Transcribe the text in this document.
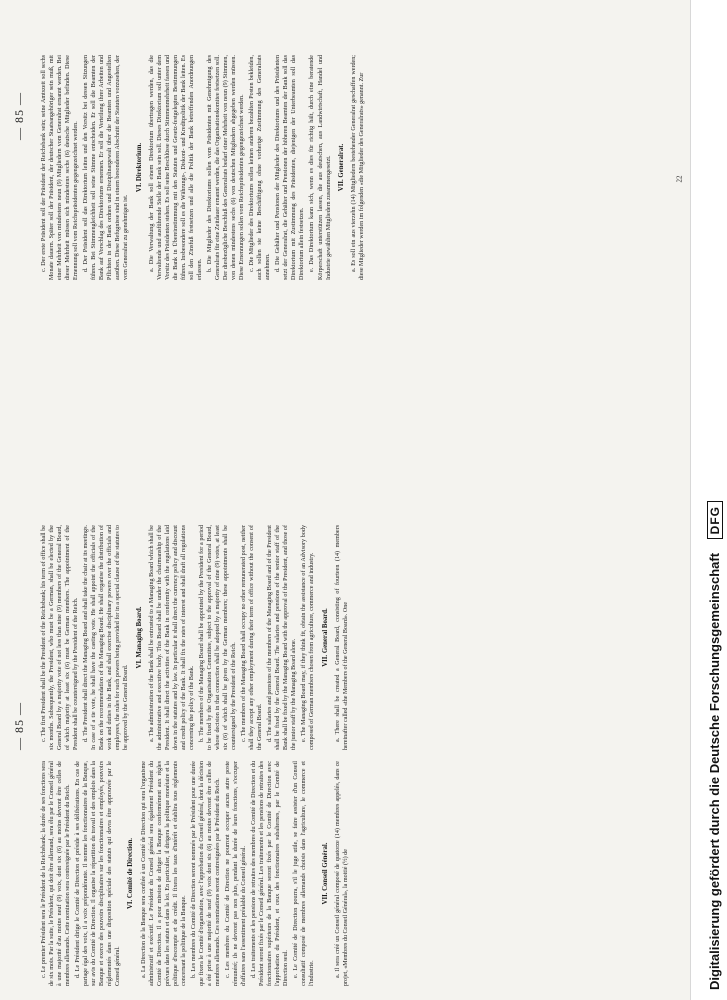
— 85 —
— 85 —

c. Le premier Président sera le Président de la Reichsbank; la durée de ses fonctions sera de six mois. Par la suite, le Président, qui doit être allemand, sera élu par le Conseil général à une majorité d'au moins neuf (9) voix, dont six (6) au moins devront être celles de membres allemands. Cette nomination sera contresignée par le Président du Reich. d. Le Président dirige le Comité de Direction et préside à ses délibérations. En cas de partage égal des voix, il a voix prépondérante. Il nomme les fonctionnaires de la Banque, sur avis du Comité de Direction. Il organise la répartition du travail et des emplois dans la Banque et exerce des pouvoirs disciplinaires sur les fonctionnaires et employés, pouvoirs réglementés dans une disposition spéciale des statuts qui devra être approuvée par le Conseil général.

VI. Comité de Direction. a. La Direction de la Banque sera confiée à un Comité de Direction qui sera l'organisme administratif et exécutif. Le Président du Conseil général sera également Président du Comité de Direction. Il a pour mission de diriger la Banque conformément aux règles prévues dans les statuts et dans la loi. En particulier, il dirigera la politique monétaire et la politique d'escompte et de crédit. Il fixera les taux d'intérêt et établira tous règlements concernant la politique de la Banque. b. Les membres du Comité de Direction seront nommés par le Président pour une durée que fixera le Comité d'organisation, avec l'approbation du Conseil général, dont la décision a été prise à une majorité de neuf (9) voix dont six (6) au moins devront être celles de membres allemands. Ces nominations seront contresignées par le Président du Reich. c. Les membres du Comité de Direction ne pourront occuper aucun autre poste rémunéré; ils ne devront pas non plus, pendant la durée de leurs fonctions, s'occuper d'affaires sans l'assentiment préalable du Conseil général. d. Les traitements et les pensions de retraites des membres du Comité de Direction et du Président seront fixés par le Conseil général. Les traitements et les pensions de retraites des fonctionnaires supérieurs de la Banque seront fixés par le Comité de Direction avec l'approbation du Président, et ceux des fonctionnaires subalternes, par le Comité de Direction seul. e. Le Comité de Direction pourra, s'il le juge utile, se faire assister d'un Conseil consultatif composé de membres allemands choisis dans l'agriculture, le commerce et l'industrie.

VII. Conseil Général. a. Il sera créé un Conseil général composé de quatorze (14) membres appelés, dans ce projet, «Membres du Conseil Général», la moitié (½) de

c. The first President shall be the President of the Reichsbank; his term of office shall be six months. Subsequently, the President, who must be a German, shall be elected by the General Board by a majority vote of not less than nine (9) members of the General Board, of which majority at least six (6) must be German members. The appointment of the President shall be countersigned by the President of the Reich. d. The President shall direct the Managing Board and shall take the chair at its meetings. In case of a tie vote, he shall have the casting vote. He shall appoint the officials of the Bank on the recommendation of the Managing Board. He shall organise the distribution of work and duties in the Bank, and shall exercise disciplinary powers over the officials and employees, the rules for such powers being provided for in a special clause of the statutes to be approved by the General Board.

VI. Managing Board. a. The administration of the Bank shall be entrusted to a Managing Board which shall be the administrative and executive body. This Board shall be under the chairmanship of the President. It shall direct the activities of the Bank in conformity with the regulations laid down in the statutes and by law. In particular it shall direct the currency policy and discount and credit policy of the Bank. It shall fix the rates of interest and shall draft all regulations concerning the policy of the Bank. b. The members of the Managing Board shall be appointed by the President for a period to be fixed by the Organisation Committee, subject to the approval of the General Board, whose decision in that connection shall be adopted by a majority of nine (9) votes, at least six (6) of which shall be given by the German members; these appointments shall be countersigned by the President of the Reich. c. The members of the Managing Board shall occupy no other remunerated post, neither shall they accept any other employment during their term of office without the consent of the General Board. d. The salaries and pensions of the members of the Managing Board and of the President shall be fixed by the General Board. The salaries and pensions of the senior staff of the Bank shall be fixed by the Managing Board with the approval of the President, and those of the junior staff by the Managing Board alone. e. The Managing Board may, if they think fit, obtain the assistance of an Advisory body composed of German members chosen from agriculture, commerce and industry. VII. General Board. a. There shall be created a General Board, consisting of fourteen (14) members hereinafter called «the Members of the General Board». One

c. Der erste Präsident soll der Präsident der Reichsbank sein; seine Amtszeit soll sechs Monate dauern. Später soll der Präsident, der deutscher Staatsangehöriger sein muß, mit einer Mehrheit von mindestens neun (9) Mitgliedern vom Generalrat ernannt werden. Bei dieser Mehrheit müssen sich mindestens sechs (6) deutsche Mitglieder befinden. Diese Ernennung soll vom Reichspräsidenten gegengezeichnet werden. d. Der Präsident soll das Direktorium leiten und den Vorsitz bei dessen Sitzungen führen. Bei Stimmengleichheit soll seine Stimme entscheiden. Er soll die Beamten der Bank auf Vorschlag des Direktoriums ernennen. Er soll die Verteilung ihrer Arbeiten und Pflichten in der Bank ordnen und Disziplinargewalt über die Beamten und Angestellten ausüben. Diese Befugnisse sind in einem besonderen Abschnitt der Statuten vorzusehen, der vom Generalrat zu genehmigen ist.

VI. Direktorium. a. Die Verwaltung der Bank soll einem Direktorium übertragen werden, das die Verwaltende und ausführende Stelle der Bank sein soll. Dieses Direktorium soll unter dem Vorsitz des Präsidenten stehen. Es soll seine Beschlüsse durch Stimmenmehrheit fassen und die Bank in Übereinstimmung mit den Statuten und Gesetz-festgelegten Bestimmungen führen. Insbesondere soll es die Währungs-, Diskont- und Kreditpolitik der Bank leiten. Es soll den Zinsfuß festsetzen und alle die Politik der Bank betreffenden Anordnungen erlassen. b. Die Mitglieder des Direktoriums sollen vom Präsidenten mit Genehmigung des Generalrats für eine Zeitdauer ernannt werden, die das Organisationskomitee festsetzen soll. Der diesbezügliche Beschluß des Generalrats bedarf einer Mehrheit von neun (9) Stimmen, von denen mindestens sechs (6) von deutschen Mitgliedern abgegeben werden müssen. Diese Ernennungen sollen vom Reichspräsidenten gegengezeichnet werden. c. Die Mitglieder des Direktoriums sollen keinen anderen bezahlten Posten bekleiden, auch sollen sie keine Beschäftigung ohne vorherige Zustimmung des Generalrats annehmen. d. Die Gehälter und Pensionen der Mitglieder des Direktoriums und des Präsidenten setzt der Generalrat, die Gehälter und Pensionen der höheren Beamten der Bank soll das Direktorium mit Zustimmung des Präsidenten, diejenigen der Unterbeamten soll das Direktorium allein festsetzen. e. Das Direktorium kann sich, wenn es dies für richtig hält, durch eine beratende Körperschaft unterstützen lassen, die aus deutschen, aus Landwirtschaft, Handel und Industrie gewählten Mitgliedern zusammengesetzt. VII. Generalrat. a. Es soll ein aus vierzehn (14) Mitgliedern bestehender Generalrat geschaffen werden; diese Mitglieder werden im folgenden «die Mitglieder des Generalrats» genannt. Zur	22
Digitalisierung gefördert durch die Deutsche Forschungsgemeinschaft DFG
